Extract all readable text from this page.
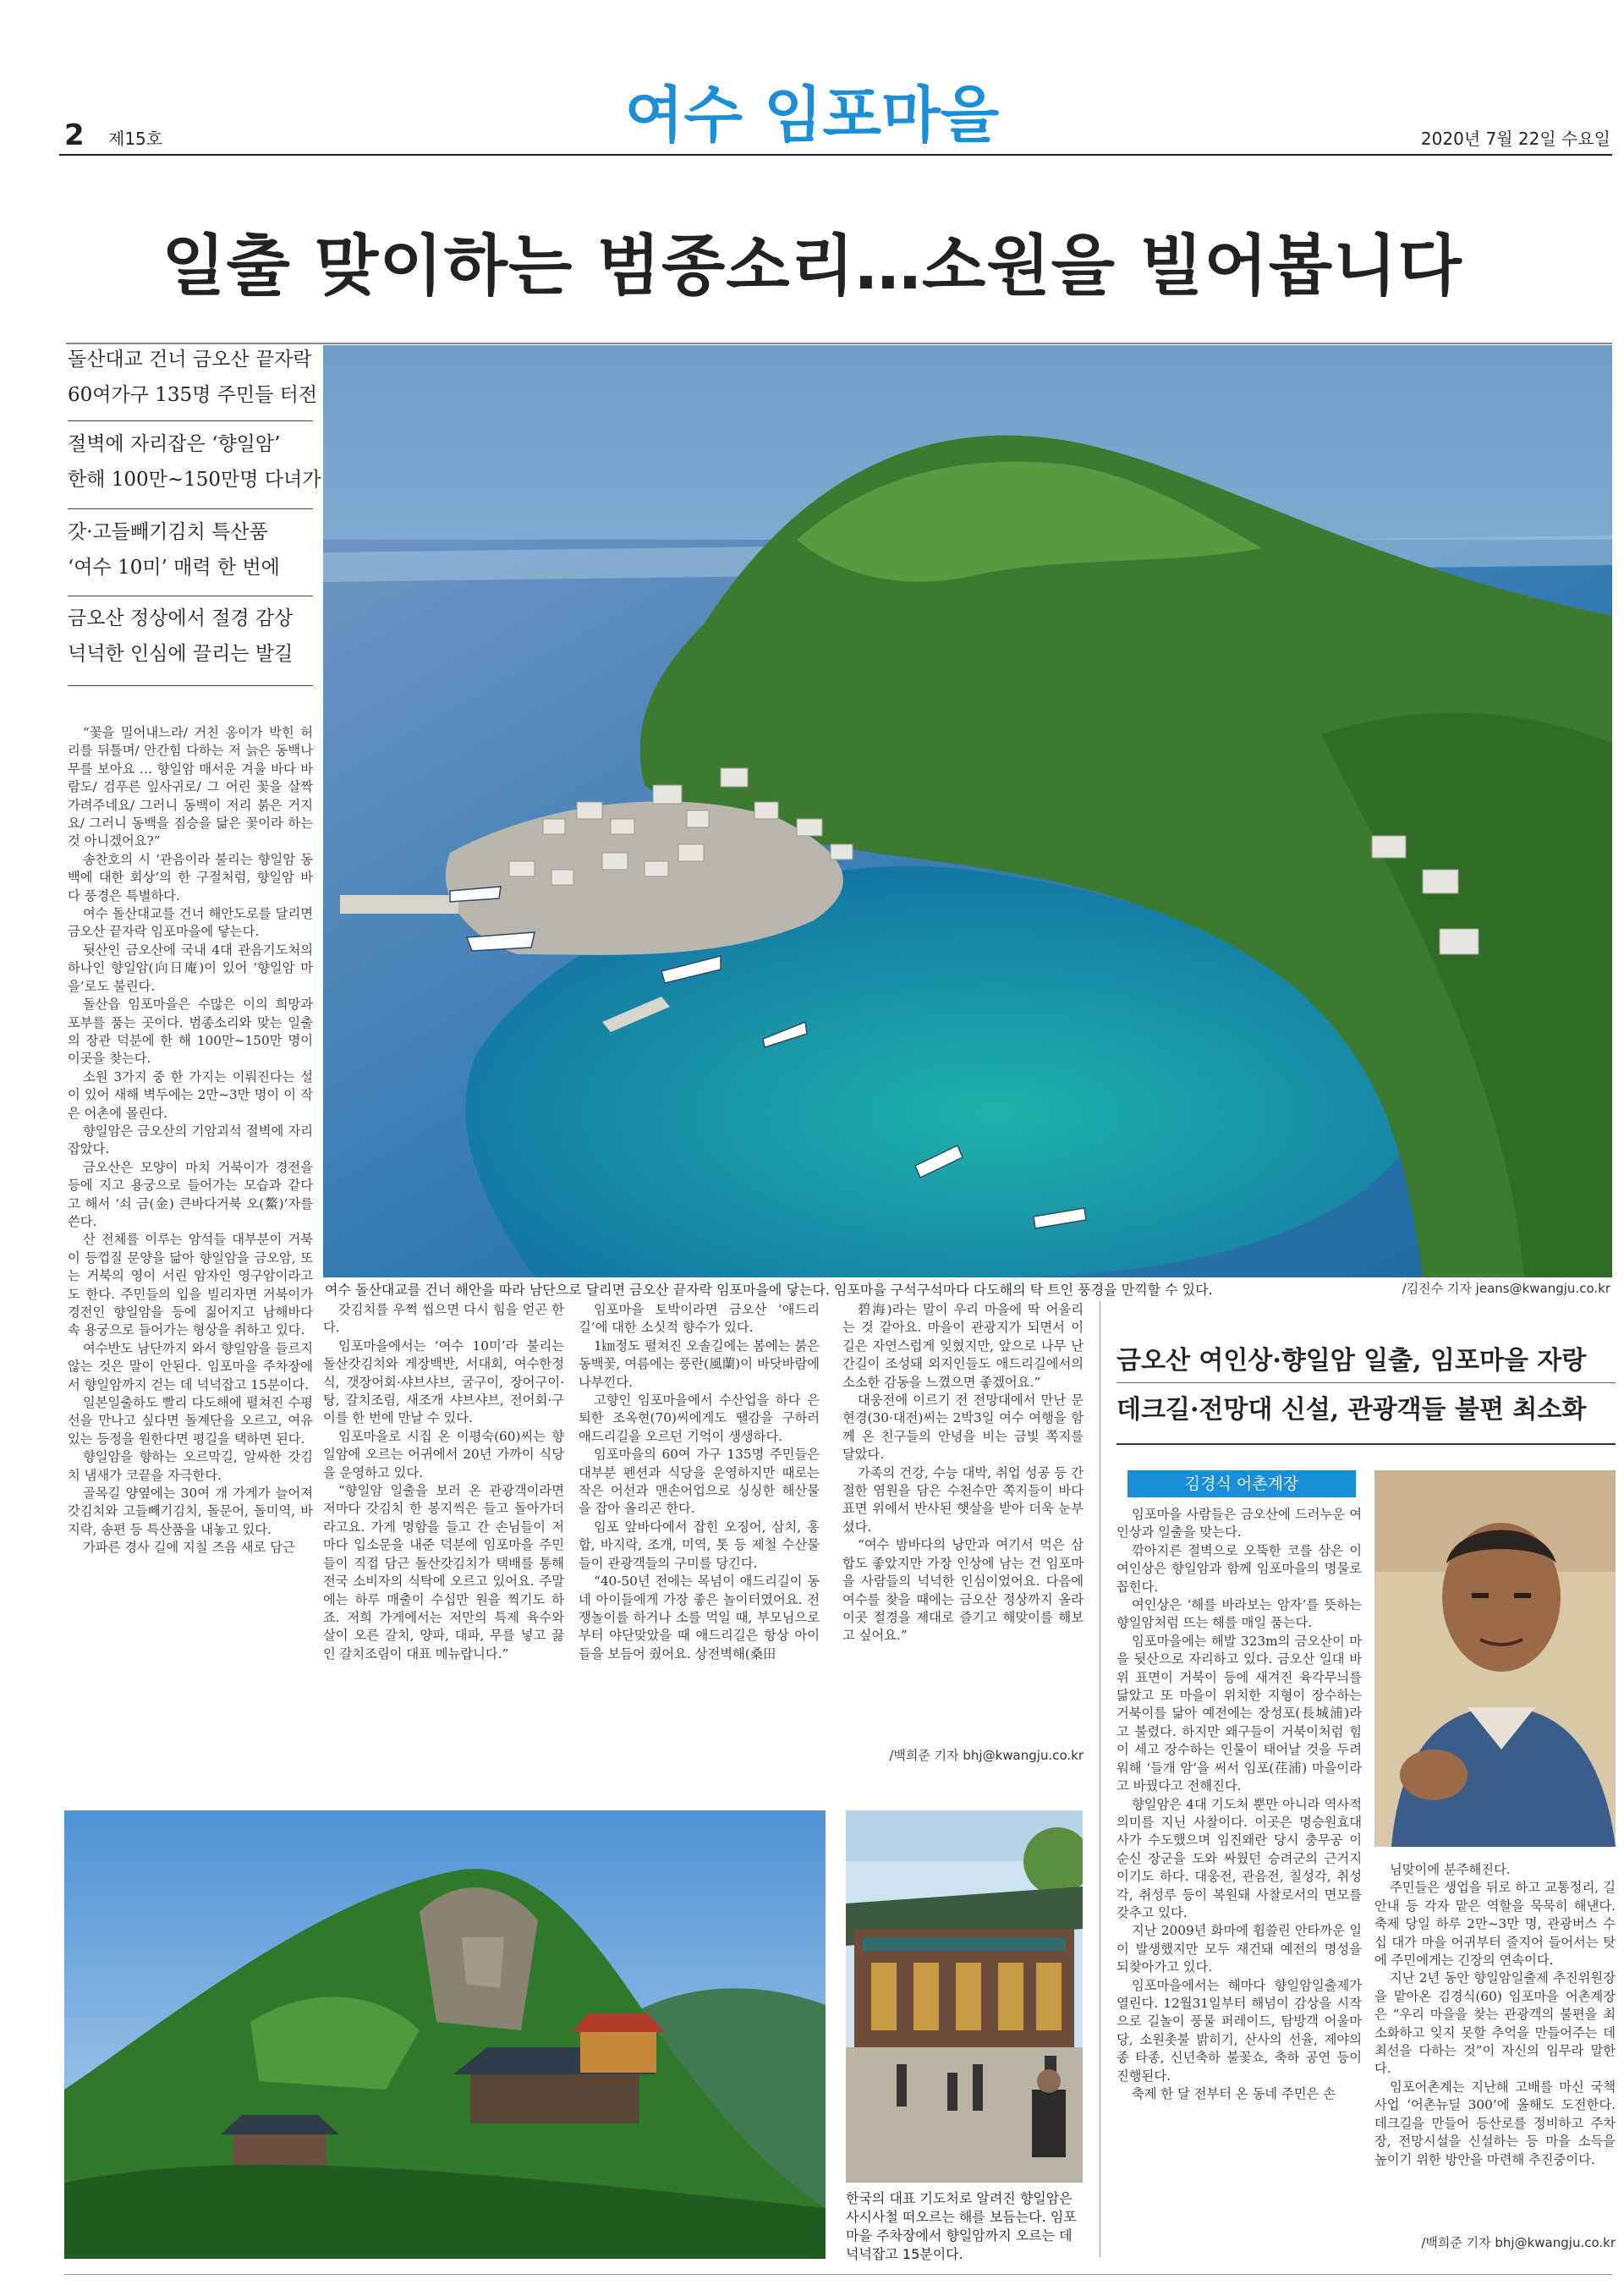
2 제15호	여수 임포마을	2020년 7월 22일 수요일
일출 맞이하는 범종소리…소원을 빌어봅니다
돌산대교 건너 금오산 끝자락
60여가구 135명 주민들 터전
절벽에 자리잡은 ‘향일암’
한해 100만~150만명 다녀가
갓·고들빼기김치 특산품
‘여수 10미’ 매력 한 번에
금오산 정상에서 절경 감상
넉넉한 인심에 끌리는 발길
여수 돌산대교를 건너 해안을 따라 남단으로 달리면 금오산 끝자락 임포마을에 닿는다. 임포마을 구석구석마다 다도해의 탁 트인 풍경을 만끽할 수 있다.	/김진수 기자 jeans@kwangju.co.kr
“꽃을 밀어내느라/ 거친 옹이가 박힌 허리를 뒤틀며/ 안간힘 다하는 저 늙은 동백나무를 보아요 … 향일암 매서운 겨울 바다 바람도/ 검푸른 잎사귀로/ 그 어린 꽃을 살짝 가려주네요/ 그러니 동백이 저리 붉은 거지요/ 그러니 동백을 짐승을 닮은 꽃이라 하는 것 아니겠어요?”
송찬호의 시 ‘관음이라 불리는 향일암 동백에 대한 회상’의 한 구절처럼, 향일암 바다 풍경은 특별하다.
여수 돌산대교를 건너 해안도로를 달리면 금오산 끝자락 임포마을에 닿는다.
뒷산인 금오산에 국내 4대 관음기도처의 하나인 향일암(向日庵)이 있어 ‘향일암 마을’로도 불린다.
돌산읍 임포마을은 수많은 이의 희망과 포부를 품는 곳이다. 범종소리와 맞는 일출의 장관 덕분에 한 해 100만~150만 명이 이곳을 찾는다.
소원 3가지 중 한 가지는 이뤄진다는 설이 있어 새해 벽두에는 2만~3만 명이 이 작은 어촌에 몰린다.
향일암은 금오산의 기암괴석 절벽에 자리잡았다.
금오산은 모양이 마치 거북이가 경전을 등에 지고 용궁으로 들어가는 모습과 같다고 해서 ‘쇠 금(金) 큰바다거북 오(鰲)’자를 쓴다.
산 전체를 이루는 암석들 대부분이 거북이 등껍질 문양을 닮아 향일암을 금오암, 또는 거북의 영이 서린 암자인 영구암이라고도 한다. 주민들의 입을 빌리자면 거북이가 경전인 향일암을 등에 짊어지고 남해바다 속 용궁으로 들어가는 형상을 취하고 있다.
여수반도 남단까지 와서 향일암을 들르지 않는 것은 말이 안된다. 임포마을 주차장에서 향일암까지 걷는 데 넉넉잡고 15분이다.
일본일출하도 빨리 다도해에 펼쳐진 수평선을 만나고 싶다면 돌계단을 오르고, 여유 있는 등정을 원한다면 평길을 택하면 된다.
향일암을 향하는 오르막길, 알싸한 갓김치 냄새가 코끝을 자극한다.
골목길 양옆에는 30여 개 가게가 늘어져 갓김치와 고들빼기김치, 돌문어, 돌미역, 바지락, 송편 등 특산품을 내놓고 있다.
가파른 경사 길에 지칠 즈음 새로 담근
갓김치를 우쩍 씹으면 다시 힘을 얻곤 한다.
임포마을에서는 ‘여수 10미’라 불리는 돌산갓김치와 게장백반, 서대회, 여수한정식, 갯장어회·샤브샤브, 굴구이, 장어구이·탕, 갈치조림, 새조개 샤브샤브, 전어회·구이를 한 번에 만날 수 있다.
임포마을로 시집 온 이평숙(60)씨는 향일암에 오르는 어귀에서 20년 가까이 식당을 운영하고 있다.
“향일암 일출을 보러 온 관광객이라면 저마다 갓김치 한 봉지씩은 들고 돌아가더라고요. 가게 명함을 들고 간 손님들이 저마다 입소문을 내준 덕분에 임포마을 주민들이 직접 담근 돌산갓김치가 택배를 통해 전국 소비자의 식탁에 오르고 있어요. 주말에는 하루 매출이 수십만 원을 찍기도 하죠. 저희 가게에서는 저만의 특제 육수와 살이 오른 갈치, 양파, 대파, 무를 넣고 끓인 갈치조림이 대표 메뉴랍니다.”
임포마을 토박이라면 금오산 ‘애드리길’에 대한 소싯적 향수가 있다.
1㎞정도 펼쳐진 오솔길에는 봄에는 붉은 동백꽃, 여름에는 풍란(風蘭)이 바닷바람에 나부낀다.
고향인 임포마을에서 수산업을 하다 은퇴한 조옥현(70)씨에게도 땔감을 구하러 애드리길을 오르던 기억이 생생하다.
임포마을의 60여 가구 135명 주민들은 대부분 펜션과 식당을 운영하지만 때로는 작은 어선과 맨손어업으로 싱싱한 해산물을 잡아 올리곤 한다.
임포 앞바다에서 잡힌 오징어, 삼치, 홍합, 바지락, 조개, 미역, 톳 등 제철 수산물들이 관광객들의 구미를 당긴다.
“40-50년 전에는 목넘이 애드리길이 동네 아이들에게 가장 좋은 놀이터였어요. 전쟁놀이를 하거나 소를 먹일 때, 부모님으로부터 야단맞았을 때 애드리길은 항상 아이들을 보듬어 줬어요. 상전벽해(桑田
碧海)라는 말이 우리 마을에 딱 어울리는 것 같아요. 마을이 관광지가 되면서 이 길은 자연스럽게 잊혔지만, 앞으로 나무 난간길이 조성돼 외지인들도 애드리길에서의 소소한 감동을 느꼈으면 좋겠어요.”
대웅전에 이르기 전 전망대에서 만난 문현경(30·대전)씨는 2박3일 여수 여행을 함께 온 친구들의 안녕을 비는 금빛 쪽지를 달았다.
가족의 건강, 수능 대박, 취업 성공 등 간절한 염원을 담은 수천수만 쪽지들이 바다 표면 위에서 반사된 햇살을 받아 더욱 눈부셨다.
“여수 밤바다의 낭만과 여기서 먹은 삼합도 좋았지만 가장 인상에 남는 건 임포마을 사람들의 넉넉한 인심이었어요. 다음에 여수를 찾을 때에는 금오산 정상까지 올라 이곳 절경을 제대로 즐기고 해맞이를 해보고 싶어요.”
/백희준 기자 bhj@kwangju.co.kr
금오산 여인상·향일암 일출, 임포마을 자랑
데크길·전망대 신설, 관광객들 불편 최소화
김경식 어촌계장
임포마을 사람들은 금오산에 드러누운 여인상과 일출을 맞는다.
깎아지른 절벽으로 오뚝한 코를 삼은 이 여인상은 향일암과 함께 임포마을의 명물로 꼽힌다.
여인상은 ‘해를 바라보는 암자’를 뜻하는 향일암처럼 뜨는 해를 매일 품는다.
임포마을에는 해발 323m의 금오산이 마을 뒷산으로 자리하고 있다. 금오산 일대 바위 표면이 거북이 등에 새겨진 육각무늬를 닮았고 또 마을이 위치한 지형이 장수하는 거북이를 닮아 예전에는 장성포(長城浦)라고 불렸다. 하지만 왜구들이 거북이처럼 힘이 세고 장수하는 인물이 태어날 것을 두려워해 ‘들개 암’을 써서 임포(荏浦) 마을이라고 바꿨다고 전해진다.
향일암은 4대 기도처 뿐만 아니라 역사적 의미를 지닌 사찰이다. 이곳은 명승원효대사가 수도했으며 임진왜란 당시 충무공 이순신 장군을 도와 싸웠던 승려군의 근거지이기도 하다. 대웅전, 관음전, 칠성각, 취성각, 취성루 등이 복원돼 사찰로서의 면모를 갖추고 있다.
지난 2009년 화마에 휩쓸린 안타까운 일이 발생했지만 모두 재건돼 예전의 명성을 되찾아가고 있다.
임포마을에서는 해마다 향일암일출제가 열린다. 12월31일부터 해넘이 감상을 시작으로 길놀이 풍물 퍼레이드, 탐방객 어울마당, 소원촛불 밝히기, 산사의 선율, 제야의 종 타종, 신년축하 불꽃쇼, 축하 공연 등이 진행된다.
축제 한 달 전부터 온 동네 주민은 손
님맞이에 분주해진다.
주민들은 생업을 뒤로 하고 교통정리, 길안내 등 각자 맡은 역할을 묵묵히 해낸다. 축제 당일 하루 2만~3만 명, 관광버스 수십 대가 마을 어귀부터 줄지어 들어서는 탓에 주민에게는 긴장의 연속이다.
지난 2년 동안 향일암일출제 추진위원장을 맡아온 김경식(60) 임포마을 어촌계장은 “우리 마을을 찾는 관광객의 불편을 최소화하고 잊지 못할 추억을 만들어주는 데 최선을 다하는 것”이 자신의 임무라 말한다.
임포어촌계는 지난해 고배를 마신 국책사업 ‘어촌뉴딜 300’에 올해도 도전한다. 데크길을 만들어 등산로를 정비하고 주차장, 전망시설을 신설하는 등 마을 소득을 높이기 위한 방안을 마련해 추진중이다.
/백희준 기자 bhj@kwangju.co.kr
한국의 대표 기도처로 알려진 향일암은 사시사철 떠오르는 해를 보듬는다. 임포마을 주차장에서 향일암까지 오르는 데 넉넉잡고 15분이다.
